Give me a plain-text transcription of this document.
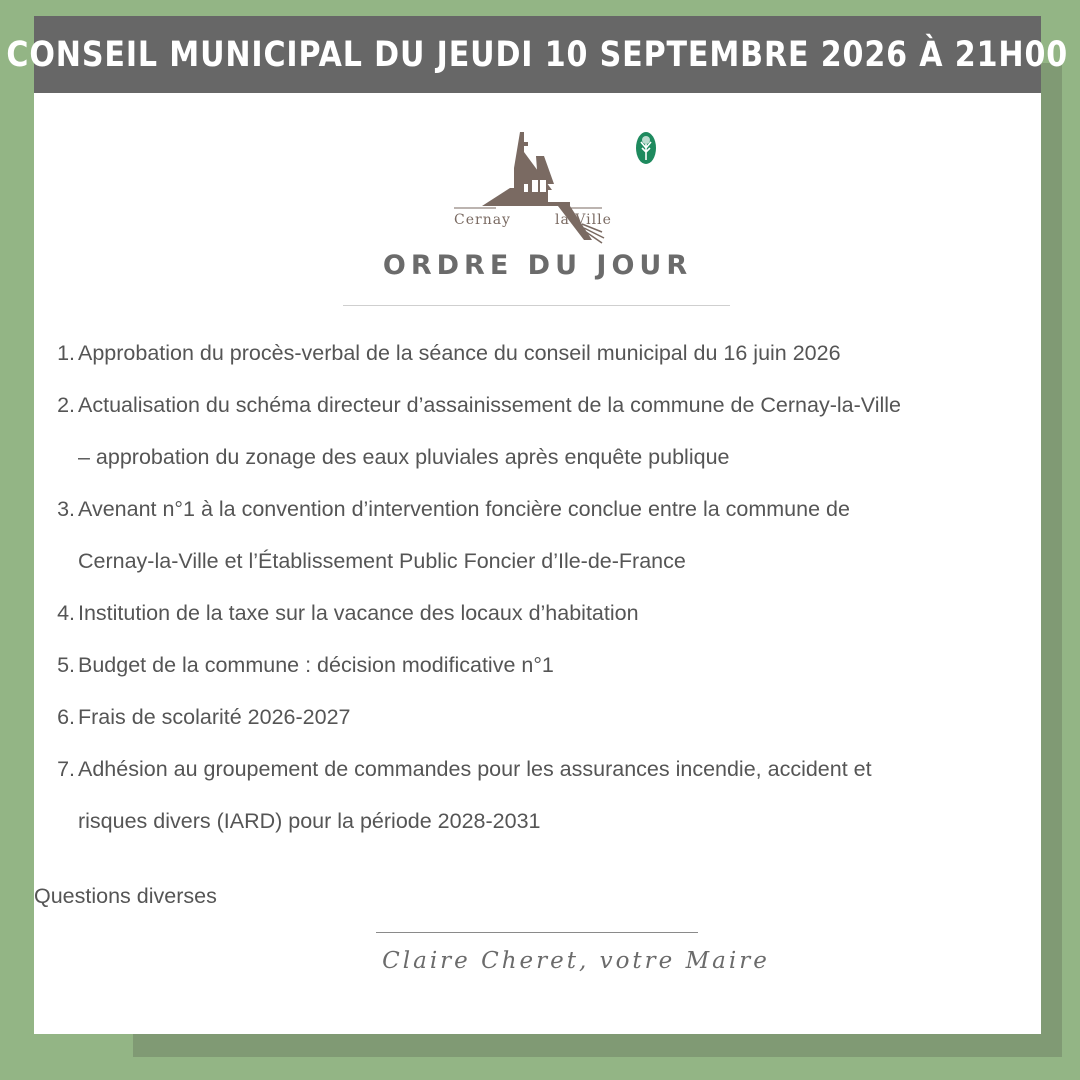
CONSEIL MUNICIPAL DU JEUDI 10 SEPTEMBRE 2026 À 21H00
Cernay	la Ville
ORDRE DU JOUR
1. Approbation du procès-verbal de la séance du conseil municipal du 16 juin 2026
2. Actualisation du schéma directeur d’assainissement de la commune de Cernay-la-Ville
– approbation du zonage des eaux pluviales après enquête publique
3. Avenant n°1 à la convention d’intervention foncière conclue entre la commune de
Cernay-la-Ville et l’Établissement Public Foncier d’Ile-de-France
4. Institution de la taxe sur la vacance des locaux d’habitation
5. Budget de la commune : décision modificative n°1
6. Frais de scolarité 2026-2027
7. Adhésion au groupement de commandes pour les assurances incendie, accident et
risques divers (IARD) pour la période 2028-2031
Questions diverses
Claire Cheret, votre Maire
